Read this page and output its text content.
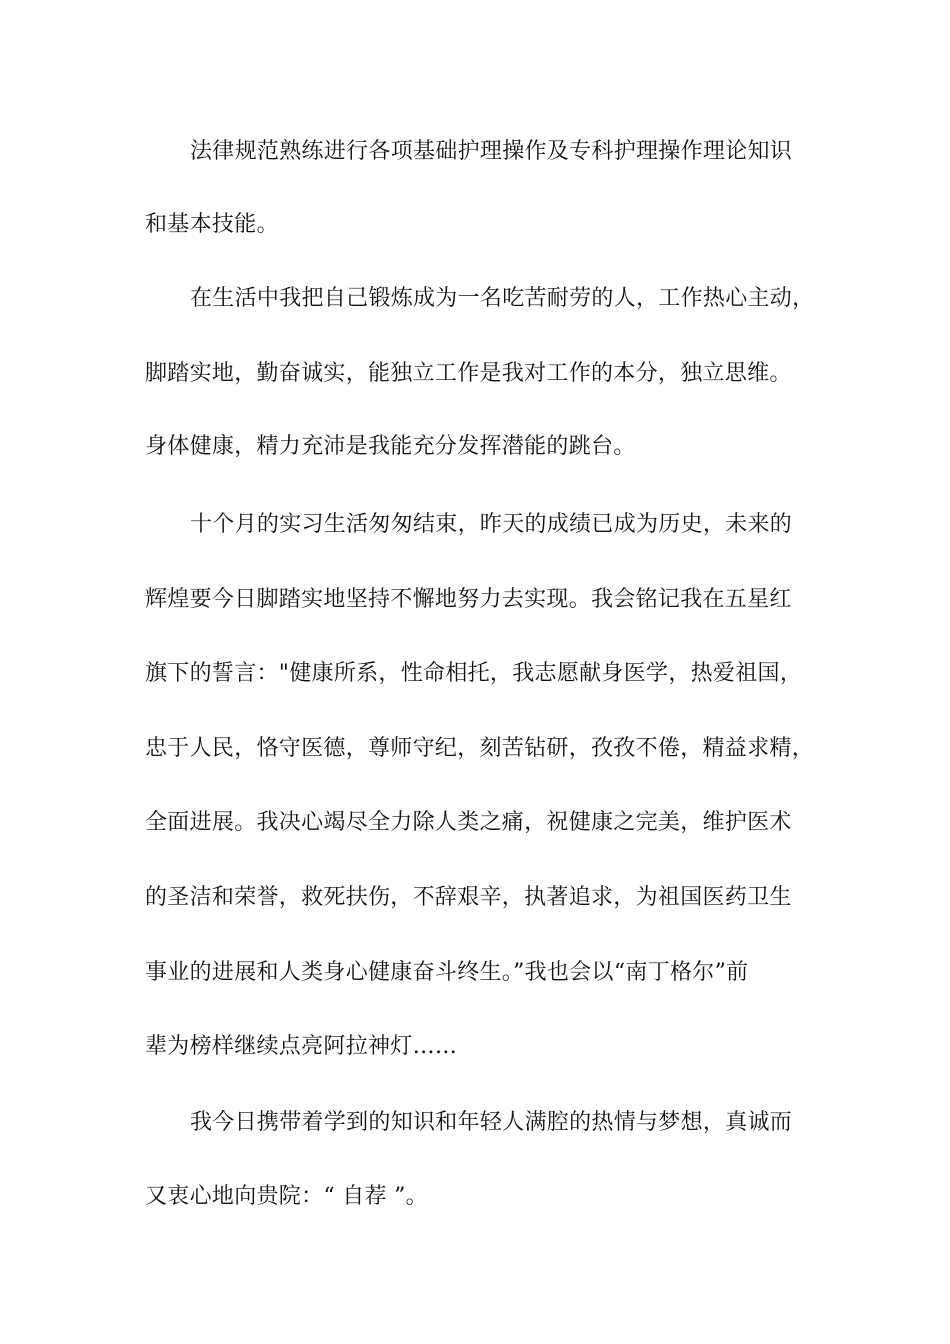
法律规范熟练进行各项基础护理操作及专科护理操作理论知识
和基本技能。
在生活中我把自己锻炼成为一名吃苦耐劳的人，工作热心主动，
脚踏实地，勤奋诚实，能独立工作是我对工作的本分，独立思维。
身体健康，精力充沛是我能充分发挥潜能的跳台。
十个月的实习生活匆匆结束，昨天的成绩已成为历史，未来的
辉煌要今日脚踏实地坚持不懈地努力去实现。我会铭记我在五星红
旗下的誓言："健康所系，性命相托，我志愿献身医学，热爱祖国，
忠于人民，恪守医德，尊师守纪，刻苦钻研，孜孜不倦，精益求精，
全面进展。我决心竭尽全力除人类之痛，祝健康之完美，维护医术
的圣洁和荣誉，救死扶伤，不辞艰辛，执著追求，为祖国医药卫生
事业的进展和人类身心健康奋斗终生。”我也会以“南丁格尔”前
辈为榜样继续点亮阿拉神灯……
我今日携带着学到的知识和年轻人满腔的热情与梦想，真诚而
又衷心地向贵院：“ 自荐 ”。
